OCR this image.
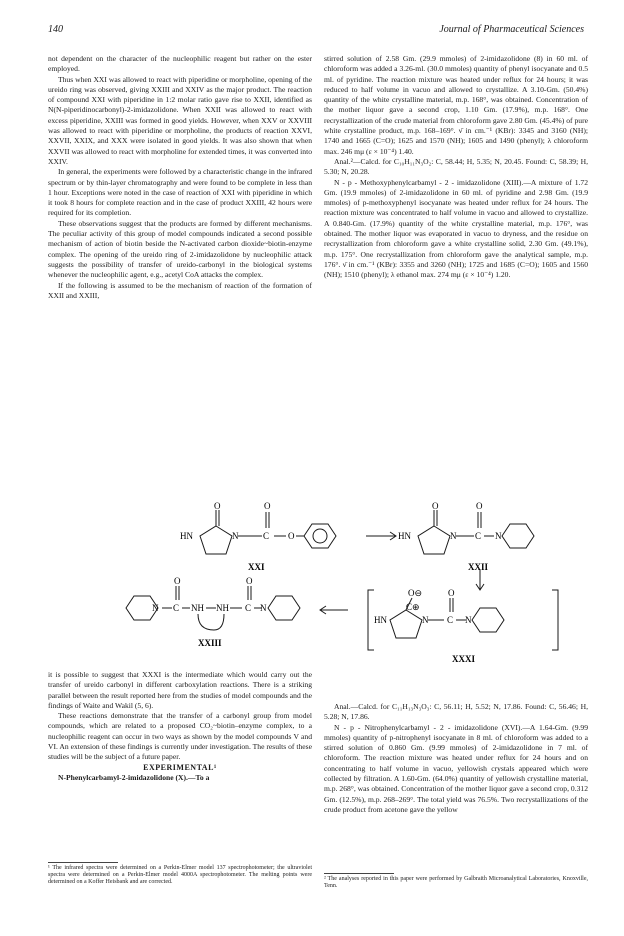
140	Journal of Pharmaceutical Sciences

not dependent on the character of the nucleophilic reagent but rather on the ester employed.

Thus when XXI was allowed to react with piperidine or morpholine, opening of the ureido ring was observed, giving XXIII and XXIV as the major product. The reaction of compound XXI with piperidine in 1:2 molar ratio gave rise to XXII, identified as N(N-piperidinocarbonyl)-2-imidazolidone. When XXII was allowed to react with excess piperidine, XXIII was formed in good yields. However, when XXV or XXVIII was allowed to react with piperidine or morpholine, the products of reaction XXVI, XXVII, XXIX, and XXX were isolated in good yields. It was also shown that when XXVII was allowed to react with morpholine for extended times, it was converted into XXIV.

In general, the experiments were followed by a characteristic change in the infrared spectrum or by thin-layer chromatography and were found to be complete in less than 1 hour. Exceptions were noted in the case of reaction of XXI with piperidine in which it took 8 hours for complete reaction and in the case of product XXIII, 42 hours were required for its completion.

These observations suggest that the products are formed by different mechanisms. The peculiar activity of this group of model compounds indicated a second possible mechanism of action of biotin beside the N-activated carbon dioxide~biotin-enzyme complex. The opening of the ureido ring of 2-imidazolidone by nucleophilic attack suggests the possibility of transfer of ureido-carbonyl in the biological systems whenever the nucleophilic agent, e.g., acetyl CoA attacks the complex.

If the following is assumed to be the mechanism of reaction of the formation of XXII and XXIII,

stirred solution of 2.58 Gm. (29.9 mmoles) of 2-imidazolidone (8) in 60 ml. of chloroform was added a 3.26-ml. (30.0 mmoles) quantity of phenyl isocyanate and 0.5 ml. of pyridine. The reaction mixture was heated under reflux for 24 hours; it was reduced to half volume in vacuo and allowed to crystallize. A 3.10-Gm. (50.4%) quantity of the white crystalline material, m.p. 168°, was obtained. Concentration of the mother liquor gave a second crop, 1.10 Gm. (17.9%), m.p. 168°. One recrystallization of the crude material from chloroform gave 2.80 Gm. (45.4%) of pure white crystalline product, m.p. 168–169°. ν̄ in cm.⁻¹ (KBr): 3345 and 3160 (NH); 1740 and 1665 (C=O); 1625 and 1570 (NH); 1605 and 1490 (phenyl); λ chloroform max. 246 mμ (ε × 10⁻⁴) 1.40.

Anal.²—Calcd. for C₁₀H₁₁N₃O₂: C, 58.44; H, 5.35; N, 20.45. Found: C, 58.39; H, 5.30; N, 20.28.

N - p - Methoxyphenylcarbamyl - 2 - imidazolidone (XIII).—A mixture of 1.72 Gm. (19.9 mmoles) of 2-imidazolidone in 60 ml. of pyridine and 2.98 Gm. (19.9 mmoles) of p-methoxyphenyl isocyanate was heated under reflux for 24 hours. The reaction mixture was concentrated to half volume in vacuo and allowed to crystallize. A 0.840-Gm. (17.9%) quantity of the white crystalline material, m.p. 176°, was obtained. The mother liquor was evaporated in vacuo to dryness, and the residue on recrystallization from chloroform gave a white crystalline solid, 2.30 Gm. (49.1%), m.p. 175°. One recrystallization from chloroform gave the analytical sample, m.p. 176°. ν̄ in cm.⁻¹ (KBr): 3355 and 3260 (NH); 1725 and 1685 (C=O); 1605 and 1560 (NH); 1510 (phenyl); λ ethanol max. 274 mμ (ε × 10⁻⁴) 1.20.

O
HN	N
O
C O
XXI
O
HN	N
O
C N
XXII
N
O
C NH NH
O
C N
XXIII
O⊖
C⊕
HN	N
O
C N
XXXI

it is possible to suggest that XXXI is the intermediate which would carry out the transfer of ureido carbonyl in different carboxylation reactions. There is a striking parallel between the result reported here from the studies of model compounds and the findings of Waite and Wakil (5, 6).

These reactions demonstrate that the transfer of a carbonyl group from model compounds, which are related to a proposed CO₂~biotin–enzyme complex, to a nucleophilic reagent can occur in two ways as shown by the model compounds V and VI. An extension of these findings is currently under investigation. The results of these studies will be the subject of a future paper.

EXPERIMENTAL¹

N-Phenylcarbamyl-2-imidazolidone (X).—To a

Anal.—Calcd. for C₁₁H₁₃N₃O₃: C, 56.11; H, 5.52; N, 17.86. Found: C, 56.46; H, 5.28; N, 17.86.

N - p - Nitrophenylcarbamyl - 2 - imidazolidone (XVI).—A 1.64-Gm. (9.99 mmoles) quantity of p-nitrophenyl isocyanate in 8 ml. of chloroform was added to a stirred solution of 0.860 Gm. (9.99 mmoles) of 2-imidazolidone in 7 ml. of chloroform. The reaction mixture was heated under reflux for 24 hours and on concentrating to half volume in vacuo, yellowish crystals appeared which were collected by filtration. A 1.60-Gm. (64.0%) quantity of yellowish crystalline material, m.p. 268°, was obtained. Concentration of the mother liquor gave a second crop, 0.312 Gm. (12.5%), m.p. 268–269°. The total yield was 76.5%. Two recrystallizations of the crude product from acetone gave the yellow

¹ The infrared spectra were determined on a Perkin-Elmer model 137 spectrophotometer; the ultraviolet spectra were determined on a Perkin-Elmer model 4000A spectrophotometer. The melting points were determined on a Koffer Heisbank and are corrected.
² The analyses reported in this paper were performed by Galbraith Microanalytical Laboratories, Knoxville, Tenn.
